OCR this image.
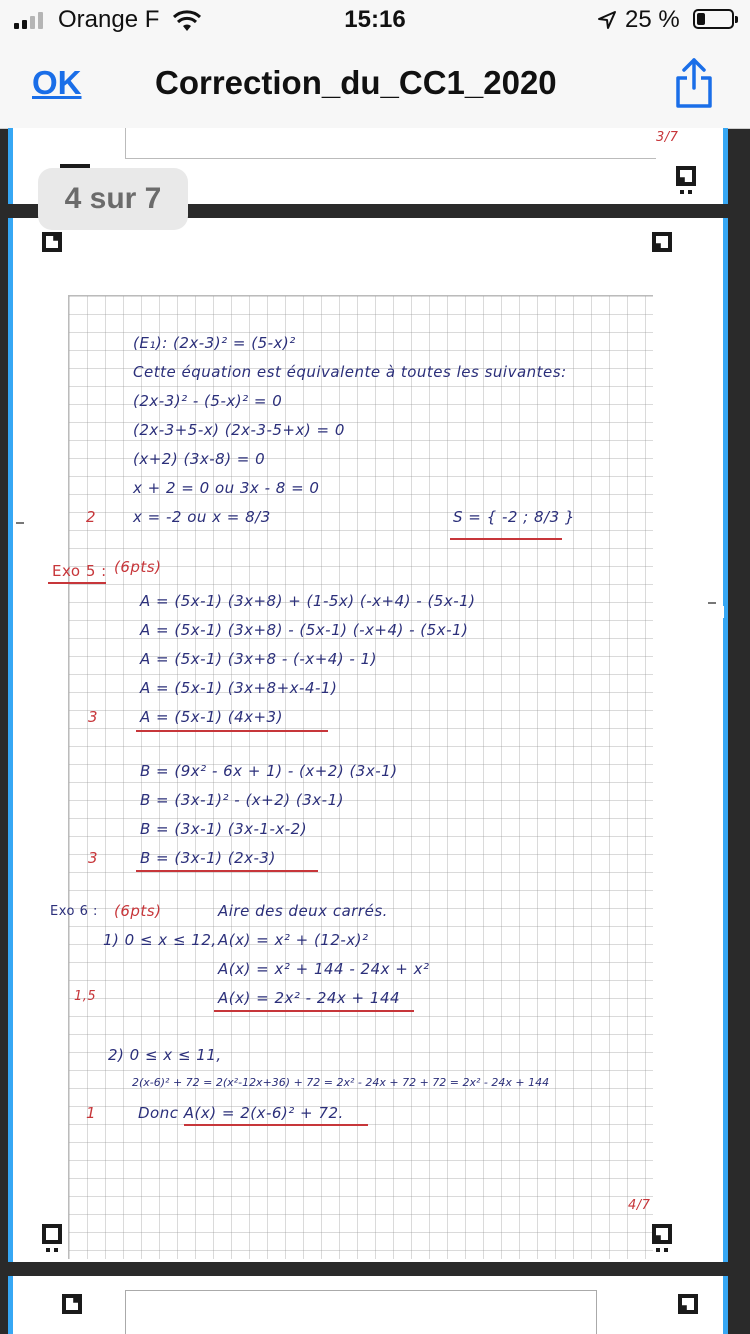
Orange F	15:16	25 %
OK Correction_du_CC1_2020
3/7
(E₁): (2x-3)² = (5-x)²
Cette équation est équivalente à toutes les suivantes:
(2x-3)² - (5-x)² = 0
(2x-3+5-x) (2x-3-5+x) = 0
(x+2) (3x-8) = 0
x + 2 = 0 ou 3x - 8 = 0
x = -2 ou x = 8/3	S = { -2 ; 8/3 }
2
Exo 5 : (6pts)
A = (5x-1) (3x+8) + (1-5x) (-x+4) - (5x-1)
A = (5x-1) (3x+8) - (5x-1) (-x+4) - (5x-1)
A = (5x-1) (3x+8 - (-x+4) - 1)
A = (5x-1) (3x+8+x-4-1)
A = (5x-1) (4x+3)
3
B = (9x² - 6x + 1) - (x+2) (3x-1)
B = (3x-1)² - (x+2) (3x-1)
B = (3x-1) (3x-1-x-2)
B = (3x-1) (2x-3)
3
Exo 6 : (6pts)	Aire des deux carrés.
1) 0 ≤ x ≤ 12, A(x) = x² + (12-x)²
A(x) = x² + 144 - 24x + x²
A(x) = 2x² - 24x + 144
1,5
2) 0 ≤ x ≤ 11,
2(x-6)² + 72 = 2(x²-12x+36) + 72 = 2x² - 24x + 72 + 72 = 2x² - 24x + 144
Donc A(x) = 2(x-6)² + 72.
1
4/7
4 sur 7
